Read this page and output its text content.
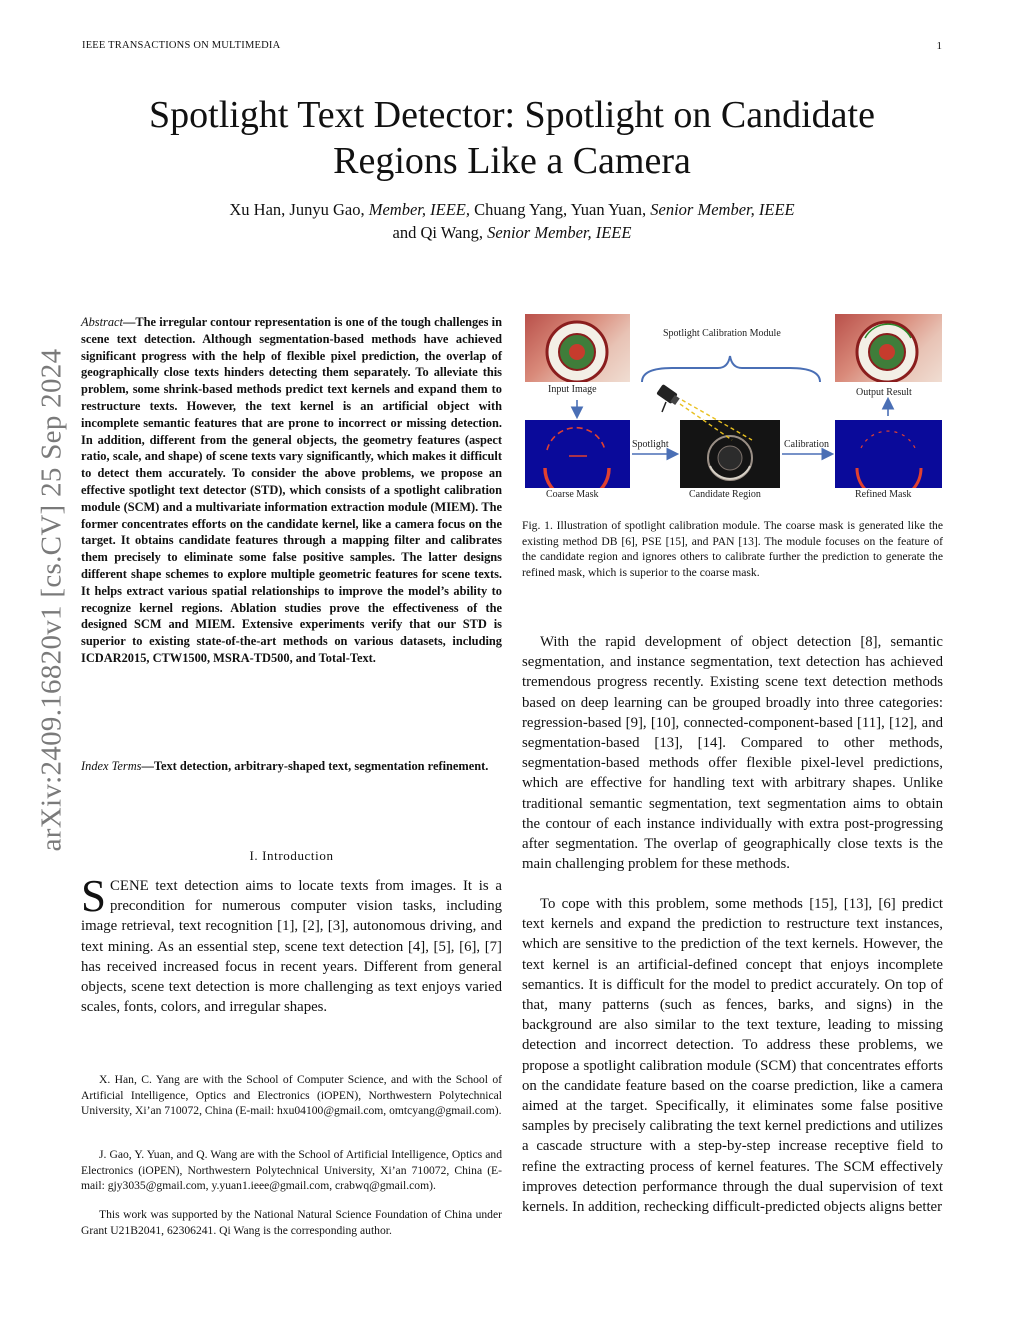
IEEE TRANSACTIONS ON MULTIMEDIA	1
Spotlight Text Detector: Spotlight on Candidate
Regions Like a Camera
Xu Han, Junyu Gao, Member, IEEE, Chuang Yang, Yuan Yuan, Senior Member, IEEE
and Qi Wang, Senior Member, IEEE
arXiv:2409.16820v1 [cs.CV] 25 Sep 2024
Abstract—The irregular contour representation is one of the tough challenges in scene text detection. Although segmentation-based methods have achieved significant progress with the help of flexible pixel prediction, the overlap of geographically close texts hinders detecting them separately. To alleviate this problem, some shrink-based methods predict text kernels and expand them to restructure texts. However, the text kernel is an artificial object with incomplete semantic features that are prone to incorrect or missing detection. In addition, different from the general objects, the geometry features (aspect ratio, scale, and shape) of scene texts vary significantly, which makes it difficult to detect them accurately. To consider the above problems, we propose an effective spotlight text detector (STD), which consists of a spotlight calibration module (SCM) and a multivariate information extraction module (MIEM). The former concentrates efforts on the candidate kernel, like a camera focus on the target. It obtains candidate features through a mapping filter and calibrates them precisely to eliminate some false positive samples. The latter designs different shape schemes to explore multiple geometric features for scene texts. It helps extract various spatial relationships to improve the model’s ability to recognize kernel regions. Ablation studies prove the effectiveness of the designed SCM and MIEM. Extensive experiments verify that our STD is superior to existing state-of-the-art methods on various datasets, including ICDAR2015, CTW1500, MSRA-TD500, and Total-Text.
Index Terms—Text detection, arbitrary-shaped text, segmentation refinement.
I. Introduction
SCENE text detection aims to locate texts from images. It is a precondition for numerous computer vision tasks, including image retrieval, text recognition [1], [2], [3], autonomous driving, and text mining. As an essential step, scene text detection [4], [5], [6], [7] has received increased focus in recent years. Different from general objects, scene text detection is more challenging as text enjoys varied scales, fonts, colors, and irregular shapes.
X. Han, C. Yang are with the School of Computer Science, and with the School of Artificial Intelligence, Optics and Electronics (iOPEN), Northwestern Polytechnical University, Xi’an 710072, China (E-mail: hxu04100@gmail.com, omtcyang@gmail.com).
J. Gao, Y. Yuan, and Q. Wang are with the School of Artificial Intelligence, Optics and Electronics (iOPEN), Northwestern Polytechnical University, Xi’an 710072, China (E-mail: gjy3035@gmail.com, y.yuan1.ieee@gmail.com, crabwq@gmail.com).
This work was supported by the National Natural Science Foundation of China under Grant U21B2041, 62306241. Qi Wang is the corresponding author.
Spotlight Calibration Module
Input Image	Output Result
Spotlight	Calibration
Coarse Mask	Candidate Region	Refined Mask
Fig. 1. Illustration of spotlight calibration module. The coarse mask is generated like the existing method DB [6], PSE [15], and PAN [13]. The module focuses on the feature of the candidate region and ignores others to calibrate further the prediction to generate the refined mask, which is superior to the coarse mask.
With the rapid development of object detection [8], semantic segmentation, and instance segmentation, text detection has achieved tremendous progress recently. Existing scene text detection methods based on deep learning can be grouped broadly into three categories: regression-based [9], [10], connected-component-based [11], [12], and segmentation-based [13], [14]. Compared to other methods, segmentation-based methods offer flexible pixel-level predictions, which are effective for handling text with arbitrary shapes. Unlike traditional semantic segmentation, text segmentation aims to obtain the contour of each instance individually with extra post-progressing after segmentation. The overlap of geographically close texts is the main challenging problem for these methods.
To cope with this problem, some methods [15], [13], [6] predict text kernels and expand the prediction to restructure text instances, which are sensitive to the prediction of the text kernels. However, the text kernel is an artificial-defined concept that enjoys incomplete semantics. It is difficult for the model to predict accurately. On top of that, many patterns (such as fences, barks, and signs) in the background are also similar to the text texture, leading to missing detection and incorrect detection. To address these problems, we propose a spotlight calibration module (SCM) that concentrates efforts on the candidate feature based on the coarse prediction, like a camera aimed at the target. Specifically, it eliminates some false positive samples by precisely calibrating the text kernel predictions and utilizes a cascade structure with a step-by-step increase receptive field to refine the extracting process of kernel features. The SCM effectively improves detection performance through the dual supervision of text kernels. In addition, rechecking difficult-predicted objects aligns better
